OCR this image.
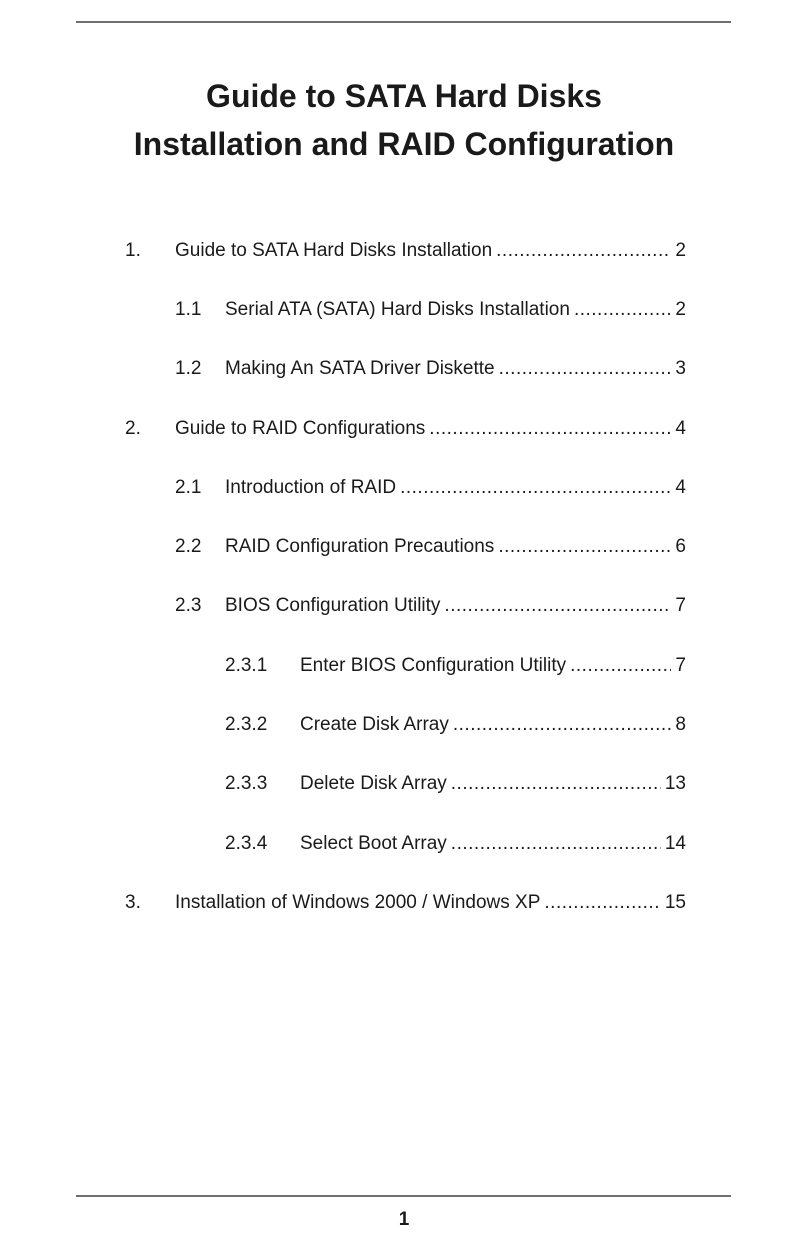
Guide to SATA Hard Disks
Installation and RAID Configuration
1.	Guide to SATA Hard Disks Installation .....	2
1.1	Serial ATA (SATA) Hard Disks Installation .....	2
1.2	Making An SATA Driver Diskette .....	3
2.	Guide to RAID Configurations .....	4
2.1	Introduction of RAID .....	4
2.2	RAID Configuration Precautions .....	6
2.3	BIOS Configuration Utility .....	7
2.3.1	Enter BIOS Configuration Utility .....	7
2.3.2	Create Disk Array .....	8
2.3.3	Delete Disk Array .....	13
2.3.4	Select Boot Array .....	14
3.	Installation of Windows 2000 / Windows XP .....	15
1
